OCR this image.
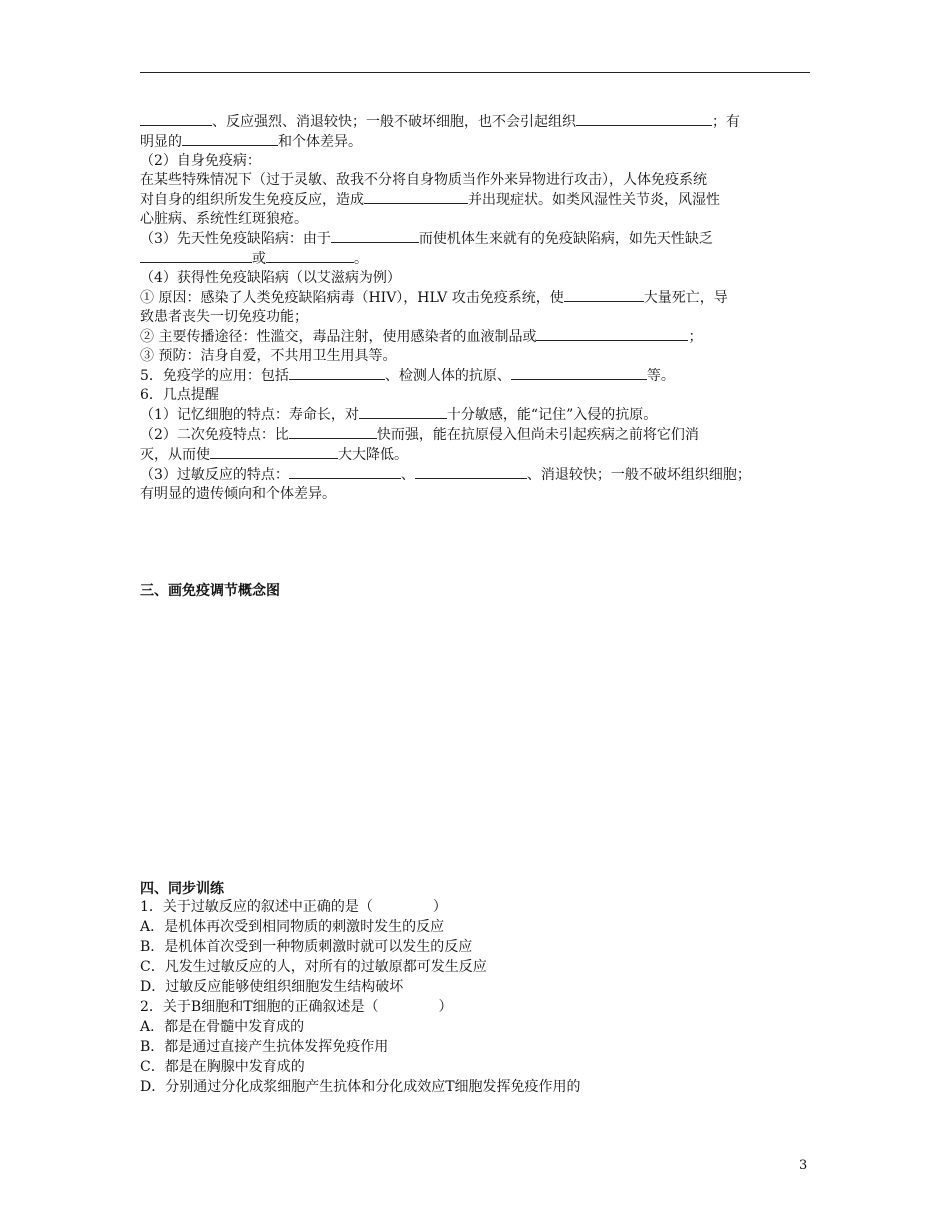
、反应强烈、消退较快；一般不破坏细胞，也不会引起组织	；有
明显的	和个体差异。
（2）自身免疫病：
在某些特殊情况下（过于灵敏、敌我不分将自身物质当作外来异物进行攻击），人体免疫系统
对自身的组织所发生免疫反应，造成	并出现症状。如类风湿性关节炎，风湿性
心脏病、系统性红斑狼疮。
（3）先天性免疫缺陷病：由于	而使机体生来就有的免疫缺陷病，如先天性缺乏
或	。
（4）获得性免疫缺陷病（以艾滋病为例）
① 原因：感染了人类免疫缺陷病毒（HIV），HLV 攻击免疫系统，使	大量死亡，导
致患者丧失一切免疫功能；
② 主要传播途径：性滥交，毒品注射，使用感染者的血液制品或	；
③ 预防：洁身自爱，不共用卫生用具等。
5．免疫学的应用：包括	、检测人体的抗原、	等。
6．几点提醒
（1）记忆细胞的特点：寿命长，对	十分敏感，能“记住”入侵的抗原。
（2）二次免疫特点：比	快而强，能在抗原侵入但尚未引起疾病之前将它们消
灭，从而使	大大降低。
（3）过敏反应的特点：	、	、消退较快；一般不破坏组织细胞；
有明显的遗传倾向和个体差异。
三、画免疫调节概念图
四、同步训练
1．关于过敏反应的叙述中正确的是（	）
A．是机体再次受到相同物质的刺激时发生的反应
B．是机体首次受到一种物质刺激时就可以发生的反应
C．凡发生过敏反应的人，对所有的过敏原都可发生反应
D．过敏反应能够使组织细胞发生结构破坏
2．关于B细胞和T细胞的正确叙述是（	）
A．都是在骨髓中发育成的
B．都是通过直接产生抗体发挥免疫作用
C．都是在胸腺中发育成的
D．分别通过分化成浆细胞产生抗体和分化成效应T细胞发挥免疫作用的
3
